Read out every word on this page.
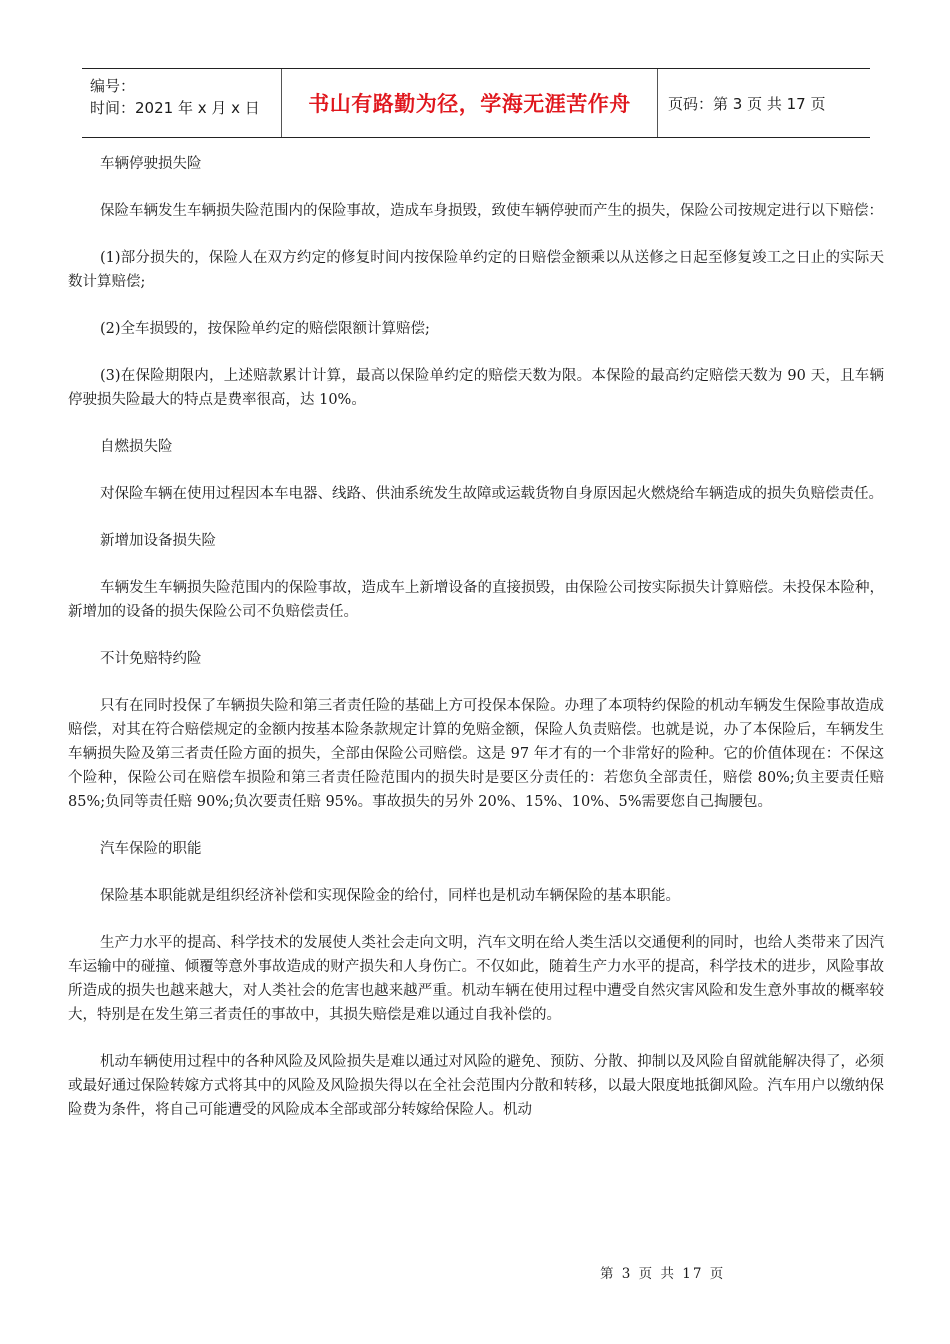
编号：
时间：2021 年 x 月 x 日	书山有路勤为径，学海无涯苦作舟	页码：第 3 页 共 17 页

车辆停驶损失险

保险车辆发生车辆损失险范围内的保险事故，造成车身损毁，致使车辆停驶而产生的损失，保险公司按规定进行以下赔偿：

(1)部分损失的，保险人在双方约定的修复时间内按保险单约定的日赔偿金额乘以从送修之日起至修复竣工之日止的实际天数计算赔偿;

(2)全车损毁的，按保险单约定的赔偿限额计算赔偿;

(3)在保险期限内，上述赔款累计计算，最高以保险单约定的赔偿天数为限。本保险的最高约定赔偿天数为 90 天，且车辆停驶损失险最大的特点是费率很高，达 10%。

自燃损失险

对保险车辆在使用过程因本车电器、线路、供油系统发生故障或运载货物自身原因起火燃烧给车辆造成的损失负赔偿责任。

新增加设备损失险

车辆发生车辆损失险范围内的保险事故，造成车上新增设备的直接损毁，由保险公司按实际损失计算赔偿。未投保本险种，新增加的设备的损失保险公司不负赔偿责任。

不计免赔特约险

只有在同时投保了车辆损失险和第三者责任险的基础上方可投保本保险。办理了本项特约保险的机动车辆发生保险事故造成赔偿，对其在符合赔偿规定的金额内按基本险条款规定计算的免赔金额，保险人负责赔偿。也就是说，办了本保险后，车辆发生车辆损失险及第三者责任险方面的损失，全部由保险公司赔偿。这是 97 年才有的一个非常好的险种。它的价值体现在：不保这个险种，保险公司在赔偿车损险和第三者责任险范围内的损失时是要区分责任的：若您负全部责任，赔偿 80%;负主要责任赔 85%;负同等责任赔 90%;负次要责任赔 95%。事故损失的另外 20%、15%、10%、5%需要您自己掏腰包。

汽车保险的职能

保险基本职能就是组织经济补偿和实现保险金的给付，同样也是机动车辆保险的基本职能。

生产力水平的提高、科学技术的发展使人类社会走向文明，汽车文明在给人类生活以交通便利的同时，也给人类带来了因汽车运输中的碰撞、倾覆等意外事故造成的财产损失和人身伤亡。不仅如此，随着生产力水平的提高，科学技术的进步，风险事故所造成的损失也越来越大，对人类社会的危害也越来越严重。机动车辆在使用过程中遭受自然灾害风险和发生意外事故的概率较大，特别是在发生第三者责任的事故中，其损失赔偿是难以通过自我补偿的。

机动车辆使用过程中的各种风险及风险损失是难以通过对风险的避免、预防、分散、抑制以及风险自留就能解决得了，必须或最好通过保险转嫁方式将其中的风险及风险损失得以在全社会范围内分散和转移，以最大限度地抵御风险。汽车用户以缴纳保险费为条件，将自己可能遭受的风险成本全部或部分转嫁给保险人。机动

第 3 页 共 17 页
